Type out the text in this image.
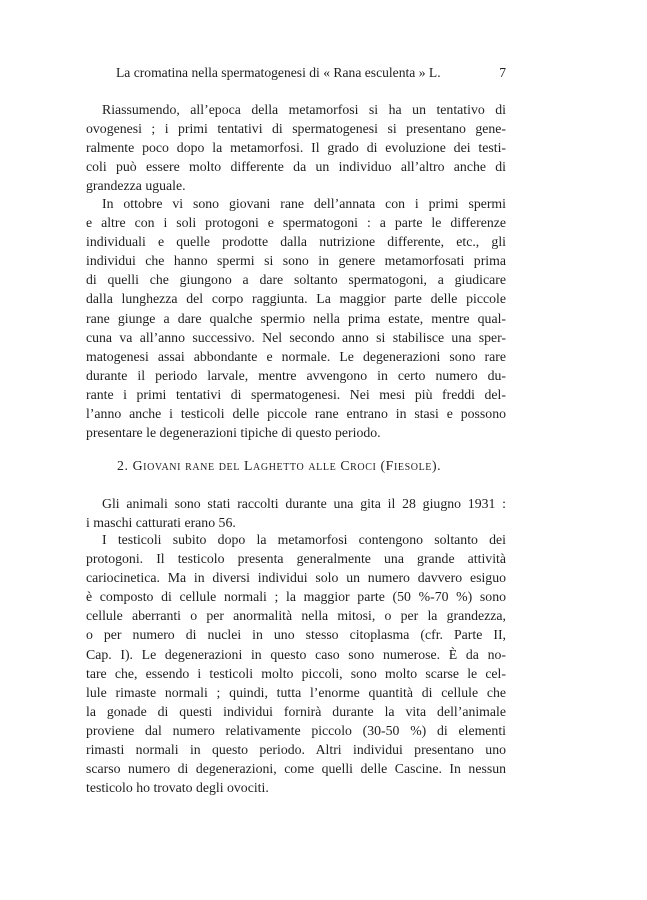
La cromatina nella spermatogenesi di « Rana esculenta » L.	7
Riassumendo, all’epoca della metamorfosi si ha un tentativo di
ovogenesi ; i primi tentativi di spermatogenesi si presentano gene-
ralmente poco dopo la metamorfosi. Il grado di evoluzione dei testi-
coli può essere molto differente da un individuo all’altro anche di
grandezza uguale.
In ottobre vi sono giovani rane dell’annata con i primi spermi
e altre con i soli protogoni e spermatogoni : a parte le differenze
individuali e quelle prodotte dalla nutrizione differente, etc., gli
individui che hanno spermi si sono in genere metamorfosati prima
di quelli che giungono a dare soltanto spermatogoni, a giudicare
dalla lunghezza del corpo raggiunta. La maggior parte delle piccole
rane giunge a dare qualche spermio nella prima estate, mentre qual-
cuna va all’anno successivo. Nel secondo anno si stabilisce una sper-
matogenesi assai abbondante e normale. Le degenerazioni sono rare
durante il periodo larvale, mentre avvengono in certo numero du-
rante i primi tentativi di spermatogenesi. Nei mesi più freddi del-
l’anno anche i testicoli delle piccole rane entrano in stasi e possono
presentare le degenerazioni tipiche di questo periodo.
2. Giovani rane del Laghetto alle Croci (Fiesole).
Gli animali sono stati raccolti durante una gita il 28 giugno 1931 :
i maschi catturati erano 56.
I testicoli subito dopo la metamorfosi contengono soltanto dei
protogoni. Il testicolo presenta generalmente una grande attività
cariocinetica. Ma in diversi individui solo un numero davvero esiguo
è composto di cellule normali ; la maggior parte (50 %-70 %) sono
cellule aberranti o per anormalità nella mitosi, o per la grandezza,
o per numero di nuclei in uno stesso citoplasma (cfr. Parte II,
Cap. I). Le degenerazioni in questo caso sono numerose. È da no-
tare che, essendo i testicoli molto piccoli, sono molto scarse le cel-
lule rimaste normali ; quindi, tutta l’enorme quantità di cellule che
la gonade di questi individui fornirà durante la vita dell’animale
proviene dal numero relativamente piccolo (30-50 %) di elementi
rimasti normali in questo periodo. Altri individui presentano uno
scarso numero di degenerazioni, come quelli delle Cascine. In nessun
testicolo ho trovato degli ovociti.
